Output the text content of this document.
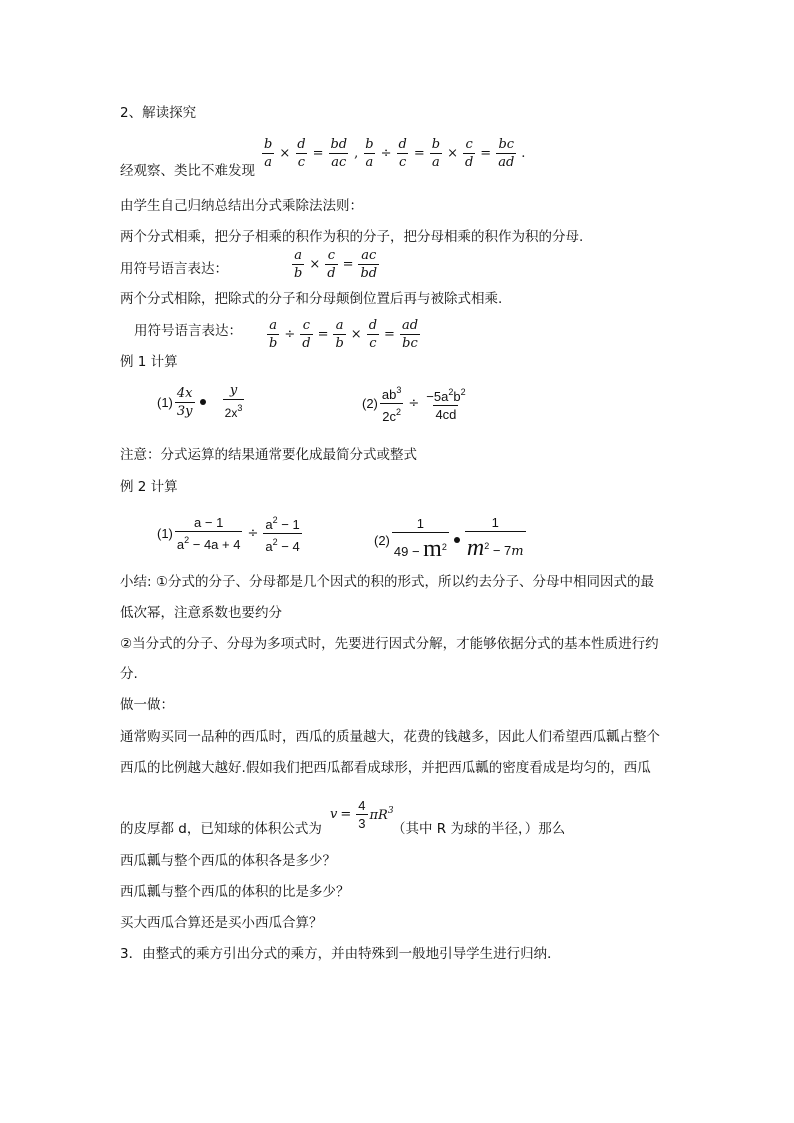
2、解读探究
经观察、类比不难发现
$\frac{b}{a} \times \frac{d}{c} = \frac{bd}{ac}$ , $\frac{b}{a} \div \frac{d}{c} = \frac{b}{a} \times \frac{c}{d} = \frac{bc}{ad}$ .
由学生自己归纳总结出分式乘除法法则：
两个分式相乘，把分子相乘的积作为积的分子，把分母相乘的积作为积的分母.
用符号语言表达：	$\frac{a}{b} \times \frac{c}{d} = \frac{ac}{bd}$
两个分式相除，把除式的分子和分母颠倒位置后再与被除式相乘.
用符号语言表达： $\frac{a}{b} \div \frac{c}{d} = \frac{a}{b} \times \frac{d}{c} = \frac{ad}{bc}$
例 1 计算
$(1) \frac{4x}{3y} \frac{y}{2x^3}$	$(2) \frac{ab^3}{2c^2} \div \frac{-5a^2b^2}{4cd}$
注意：分式运算的结果通常要化成最简分式或整式
例 2 计算
$(1) \frac{a - 1}{a^2 - 4a + 4} \div \frac{a^2 - 1}{a^2 - 4}$	$(2) \frac{1}{49 - m^2} \frac{1}{m^2 - 7m}$
小结: ①分式的分子、分母都是几个因式的积的形式，所以约去分子、分母中相同因式的最
低次幂，注意系数也要约分
②当分式的分子、分母为多项式时，先要进行因式分解，才能够依据分式的基本性质进行约
分.
做一做：
通常购买同一品种的西瓜时，西瓜的质量越大，花费的钱越多，因此人们希望西瓜瓤占整个
西瓜的比例越大越好.假如我们把西瓜都看成球形，并把西瓜瓤的密度看成是均匀的，西瓜
的皮厚都 d，已知球的体积公式为
$v = \frac{4}{3} \pi R^3$
（其中 R 为球的半径，）那么
西瓜瓤与整个西瓜的体积各是多少？
西瓜瓤与整个西瓜的体积的比是多少？
买大西瓜合算还是买小西瓜合算？
3．由整式的乘方引出分式的乘方，并由特殊到一般地引导学生进行归纳．
